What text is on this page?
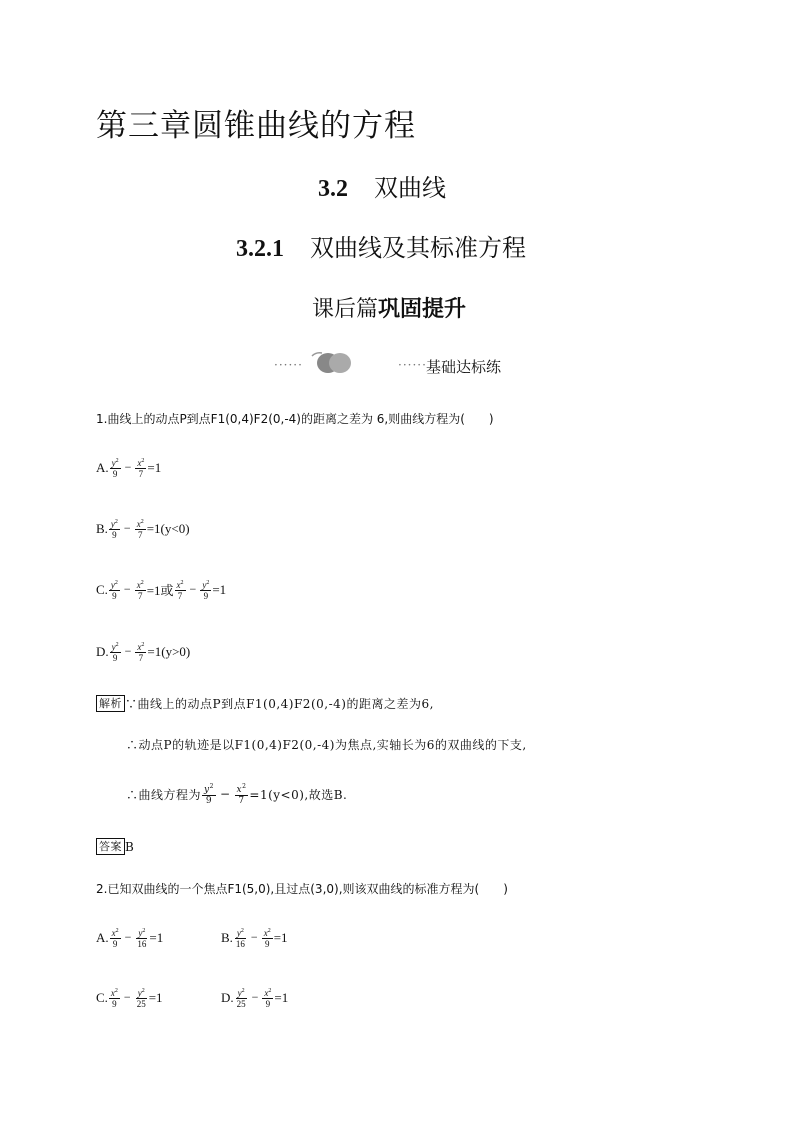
第三章圆锥曲线的方程
3.2 双曲线
3.2.1 双曲线及其标准方程
课后篇巩固提升
······	······ 基础达标练
1.曲线上的动点P到点F1(0,4)F2(0,-4)的距离之差为 6,则曲线方程为(　　)
A. $\frac{y^2}{9} - \frac{x^2}{7} =1$
B. $\frac{y^2}{9} - \frac{x^2}{7} =1(y<0)$
C. $\frac{y^2}{9} - \frac{x^2}{7} =1$或 $\frac{x^2}{7} - \frac{y^2}{9} =1$
D. $\frac{y^2}{9} - \frac{x^2}{7} =1(y>0)$
解析 ∵曲线上的动点P到点F1(0,4)F2(0,-4)的距离之差为6,
∴动点P的轨迹是以F1(0,4)F2(0,-4)为焦点,实轴长为6的双曲线的下支,
∴曲线方程为 $\frac{y^2}{9} - \frac{x^2}{7} =1(y<0)$,故选B.
答案 B
2.已知双曲线的一个焦点F1(5,0),且过点(3,0),则该双曲线的标准方程为(　　)
A. $\frac{x^2}{9} - \frac{y^2}{16} =1$	B. $\frac{y^2}{16} - \frac{x^2}{9} =1$
C. $\frac{x^2}{9} - \frac{y^2}{25} =1$	D. $\frac{y^2}{25} - \frac{x^2}{9} =1$
